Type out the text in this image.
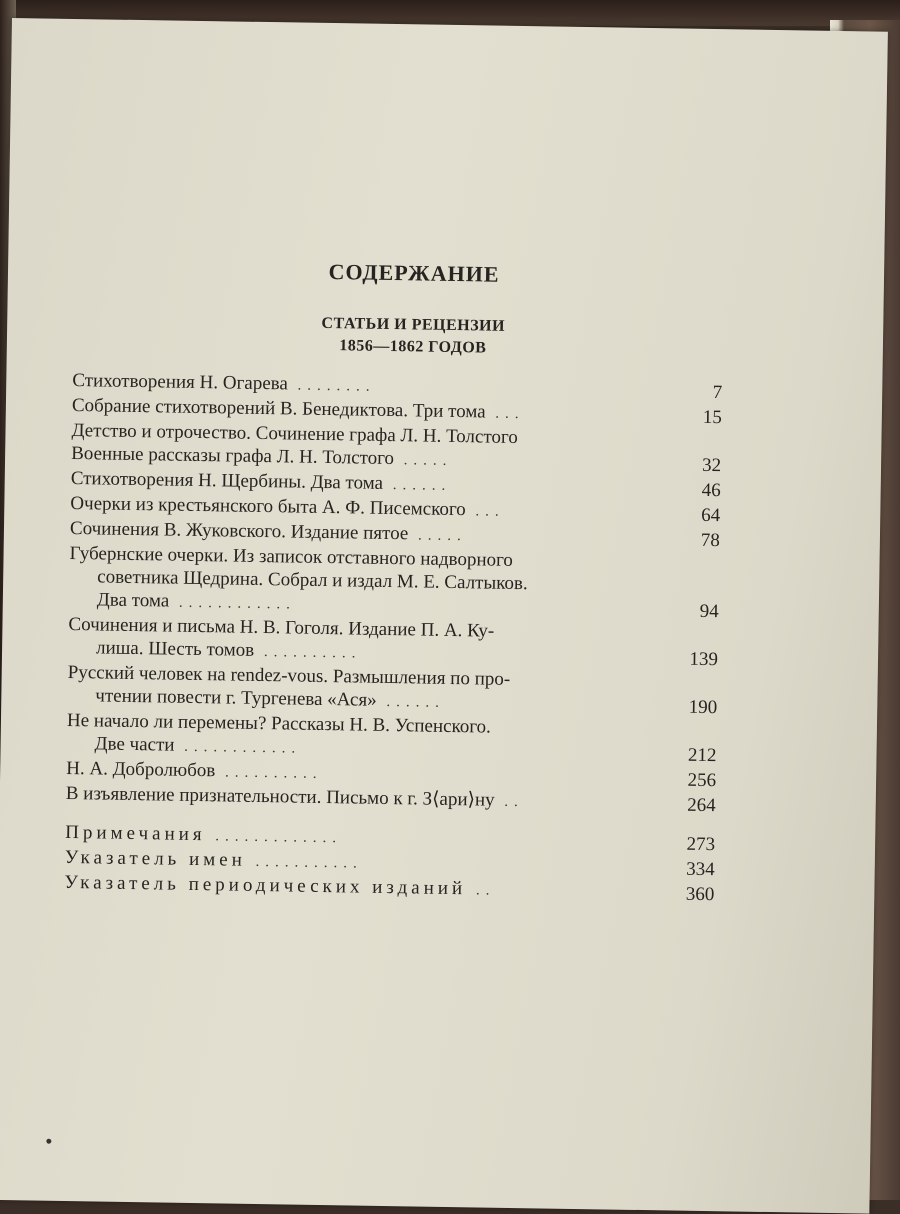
СОДЕРЖАНИЕ
СТАТЬИ И РЕЦЕНЗИИ
1856—1862 ГОДОВ
Стихотворения Н. Огарева ........	7
Собрание стихотворений В. Бенедиктова. Три тома ...	15
Детство и отрочество. Сочинение графа Л. Н. Толстого
Военные рассказы графа Л. Н. Толстого .....	32
Стихотворения Н. Щербины. Два тома ......	46
Очерки из крестьянского быта А. Ф. Писемского ...	64
Сочинения В. Жуковского. Издание пятое .....	78
Губернские очерки. Из записок отставного надворного
советника Щедрина. Собрал и издал М. Е. Салтыков.
Два тома ............	94
Сочинения и письма Н. В. Гоголя. Издание П. А. Ку-
лиша. Шесть томов ..........	139
Русский человек на rendez-vous. Размышления по про-
чтении повести г. Тургенева «Ася» ......	190
Не начало ли перемены? Рассказы Н. В. Успенского.
Две части ............	212
Н. А. Добролюбов ..........	256
В изъявление признательности. Письмо к г. З⟨ари⟩ну ..	264
Примечания .............	273
Указатель имен ...........	334
Указатель периодических изданий ..	360
